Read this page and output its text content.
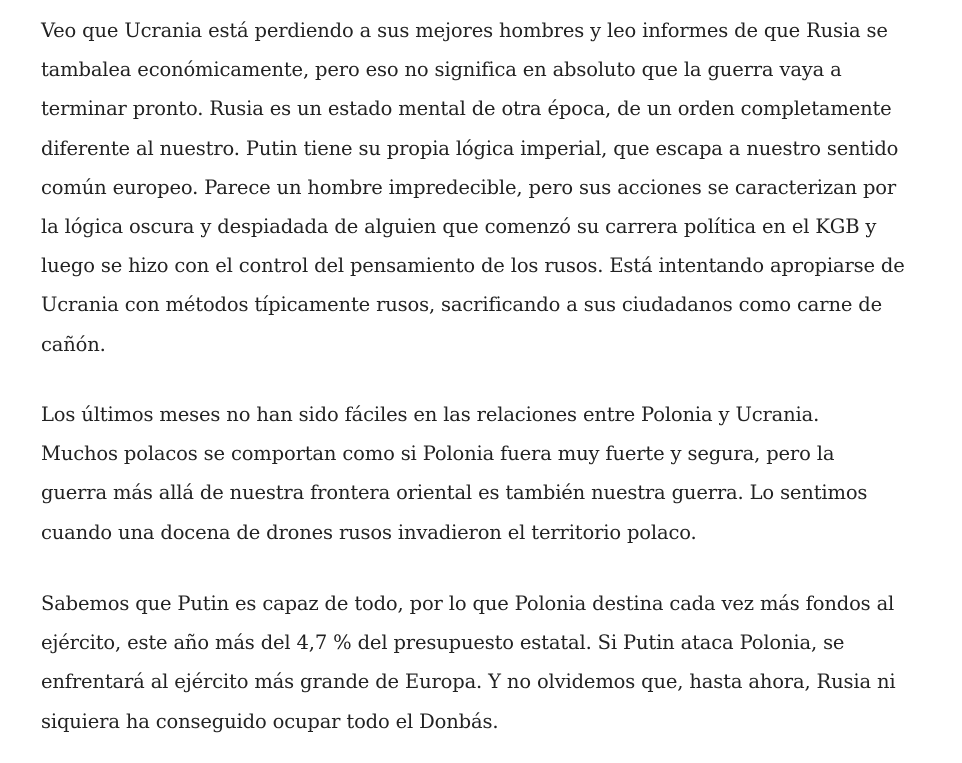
Veo que Ucrania está perdiendo a sus mejores hombres y leo informes de que Rusia se
tambalea económicamente, pero eso no significa en absoluto que la guerra vaya a
terminar pronto. Rusia es un estado mental de otra época, de un orden completamente
diferente al nuestro. Putin tiene su propia lógica imperial, que escapa a nuestro sentido
común europeo. Parece un hombre impredecible, pero sus acciones se caracterizan por
la lógica oscura y despiadada de alguien que comenzó su carrera política en el KGB y
luego se hizo con el control del pensamiento de los rusos. Está intentando apropiarse de
Ucrania con métodos típicamente rusos, sacrificando a sus ciudadanos como carne de
cañón.

Los últimos meses no han sido fáciles en las relaciones entre Polonia y Ucrania.
Muchos polacos se comportan como si Polonia fuera muy fuerte y segura, pero la
guerra más allá de nuestra frontera oriental es también nuestra guerra. Lo sentimos
cuando una docena de drones rusos invadieron el territorio polaco.

Sabemos que Putin es capaz de todo, por lo que Polonia destina cada vez más fondos al
ejército, este año más del 4,7 % del presupuesto estatal. Si Putin ataca Polonia, se
enfrentará al ejército más grande de Europa. Y no olvidemos que, hasta ahora, Rusia ni
siquiera ha conseguido ocupar todo el Donbás.
